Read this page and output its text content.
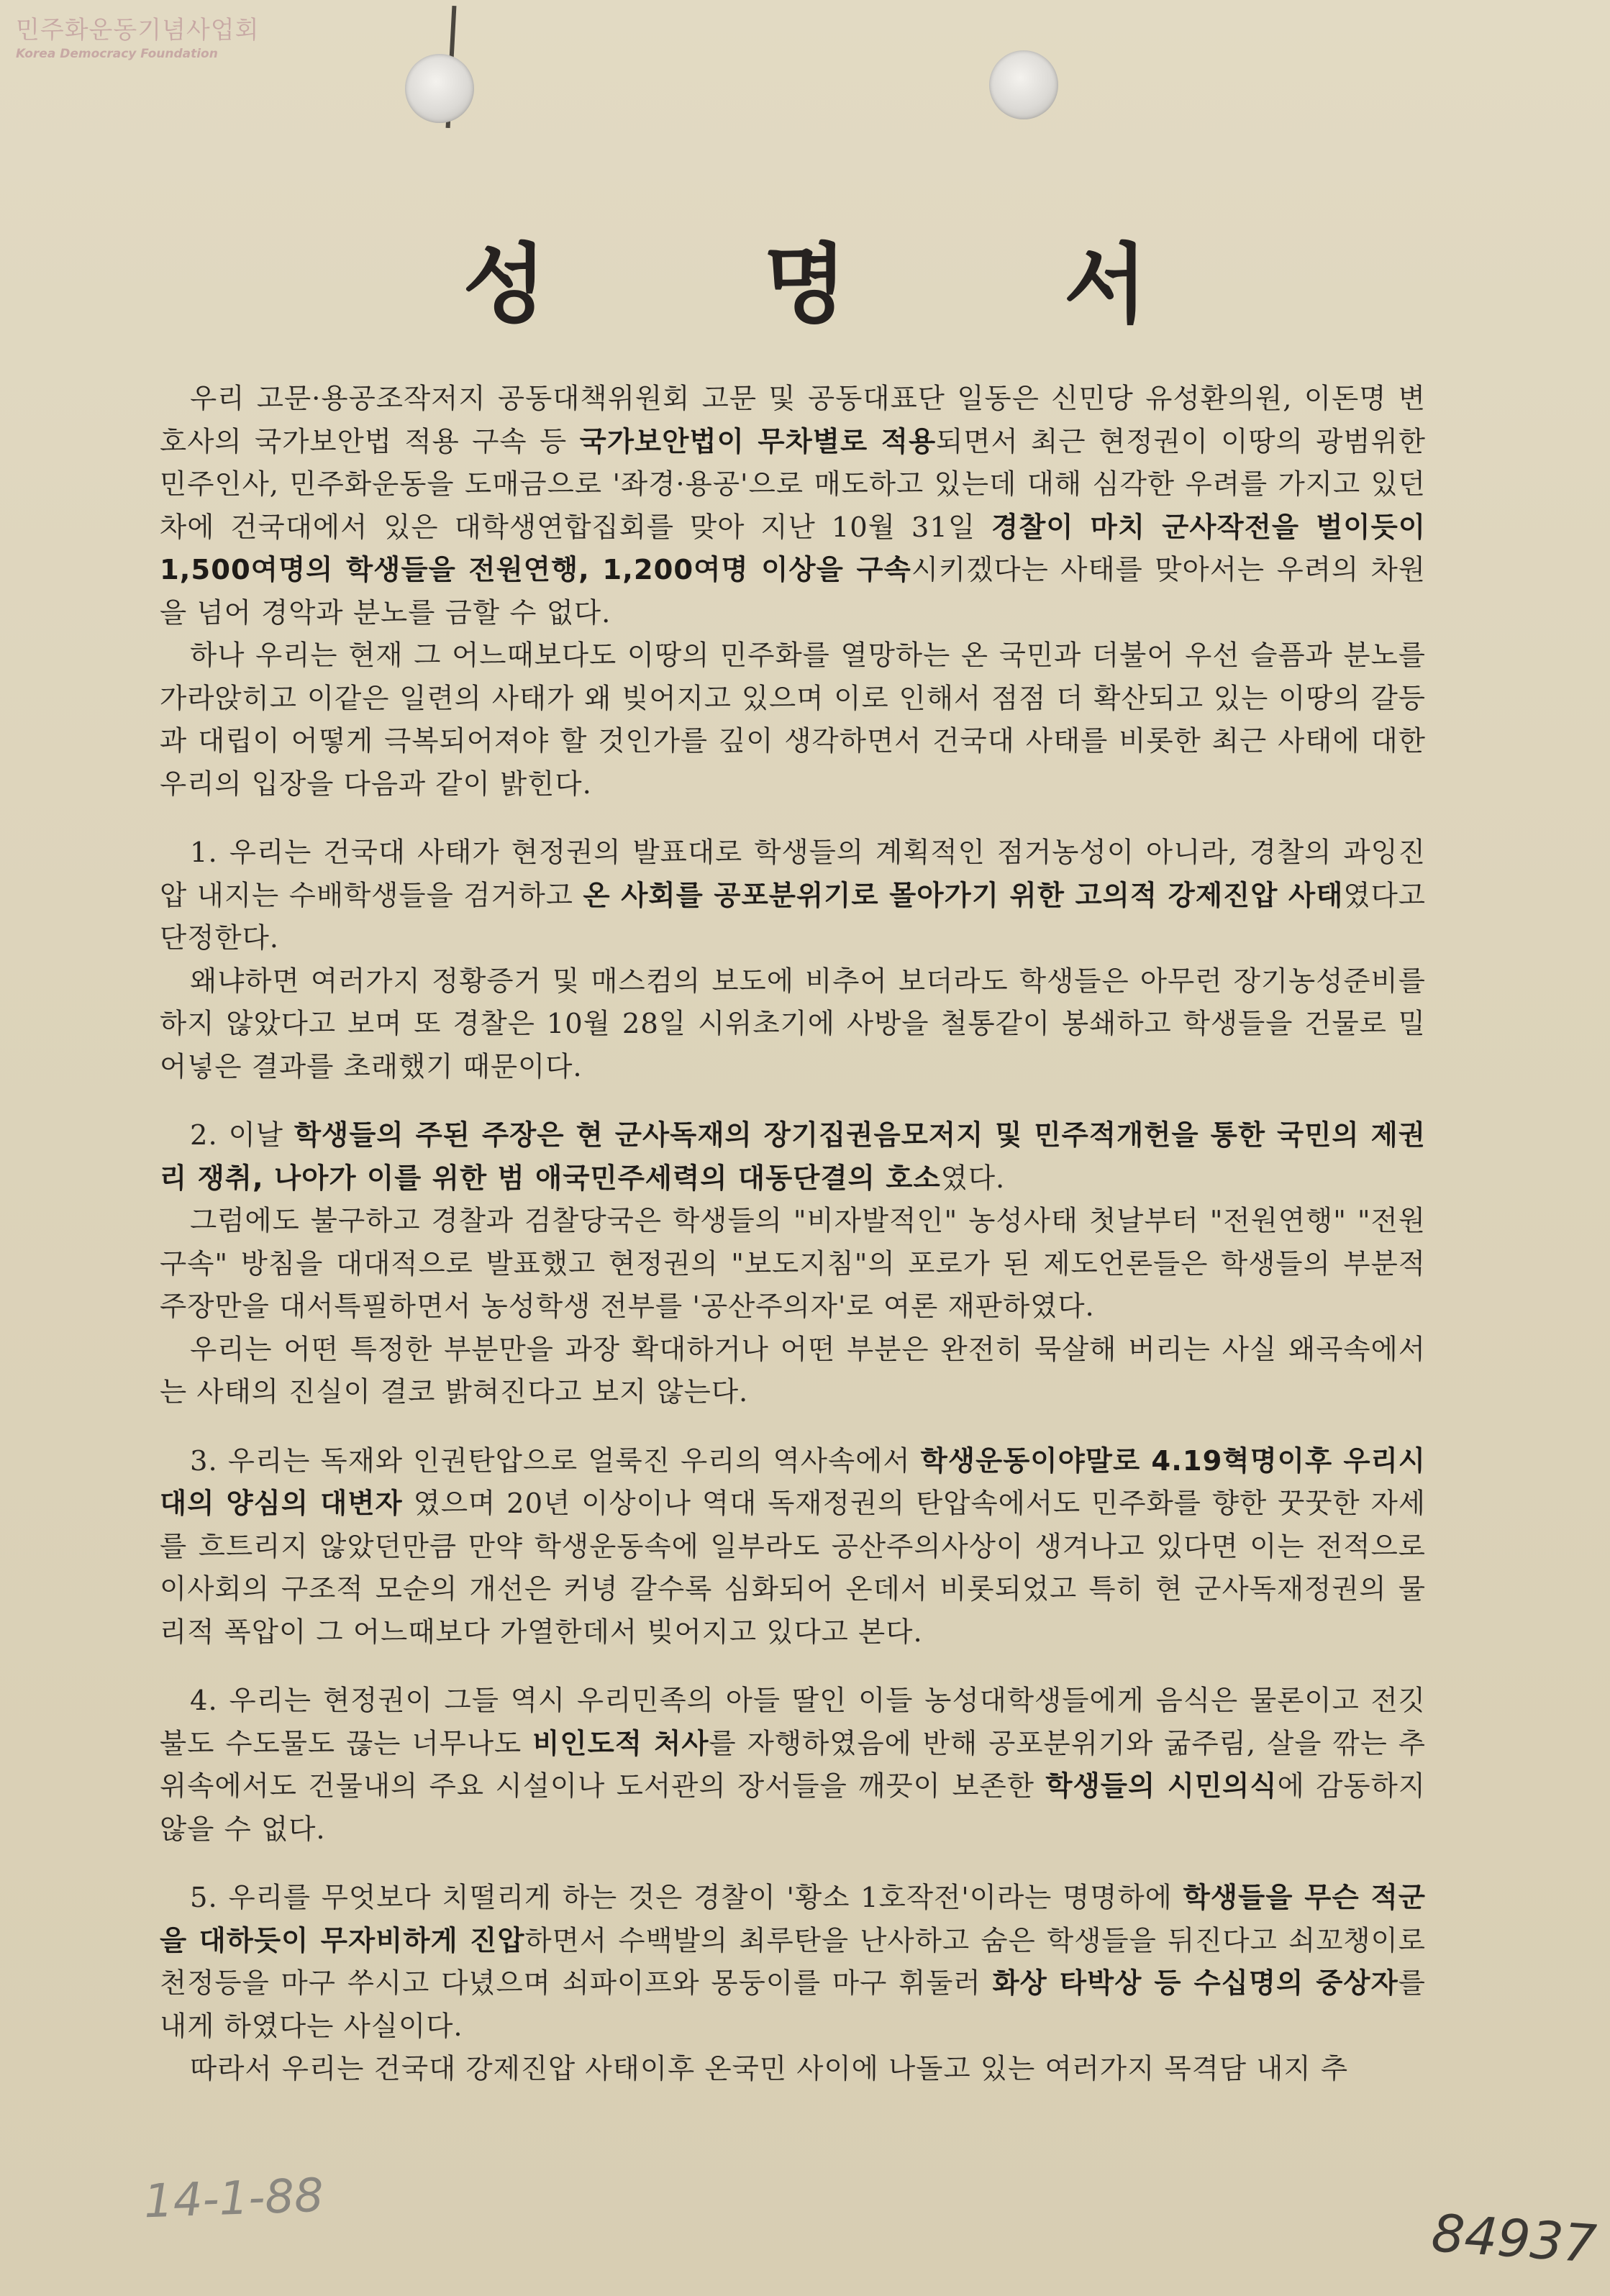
민주화운동기념사업회
Korea Democracy Foundation
성 명 서
우리 고문·용공조작저지 공동대책위원회 고문 및 공동대표단 일동은 신민당 유성환의원, 이돈명 변호사의 국가보안법 적용 구속 등 국가보안법이 무차별로 적용되면서 최근 현정권이 이땅의 광범위한 민주인사, 민주화운동을 도매금으로 '좌경·용공'으로 매도하고 있는데 대해 심각한 우려를 가지고 있던차에 건국대에서 있은 대학생연합집회를 맞아 지난 10월 31일 경찰이 마치 군사작전을 벌이듯이 1,500여명의 학생들을 전원연행, 1,200여명 이상을 구속시키겠다는 사태를 맞아서는 우려의 차원을 넘어 경악과 분노를 금할 수 없다.
하나 우리는 현재 그 어느때보다도 이땅의 민주화를 열망하는 온 국민과 더불어 우선 슬픔과 분노를 가라앉히고 이같은 일련의 사태가 왜 빚어지고 있으며 이로 인해서 점점 더 확산되고 있는 이땅의 갈등과 대립이 어떻게 극복되어져야 할 것인가를 깊이 생각하면서 건국대 사태를 비롯한 최근 사태에 대한 우리의 입장을 다음과 같이 밝힌다.
1. 우리는 건국대 사태가 현정권의 발표대로 학생들의 계획적인 점거농성이 아니라, 경찰의 과잉진압 내지는 수배학생들을 검거하고 온 사회를 공포분위기로 몰아가기 위한 고의적 강제진압 사태였다고 단정한다.
왜냐하면 여러가지 정황증거 및 매스컴의 보도에 비추어 보더라도 학생들은 아무런 장기농성준비를 하지 않았다고 보며 또 경찰은 10월 28일 시위초기에 사방을 철통같이 봉쇄하고 학생들을 건물로 밀어넣은 결과를 초래했기 때문이다.
2. 이날 학생들의 주된 주장은 현 군사독재의 장기집권음모저지 및 민주적개헌을 통한 국민의 제권리 쟁취, 나아가 이를 위한 범 애국민주세력의 대동단결의 호소였다.
그럼에도 불구하고 경찰과 검찰당국은 학생들의 "비자발적인" 농성사태 첫날부터 "전원연행" "전원구속" 방침을 대대적으로 발표했고 현정권의 "보도지침"의 포로가 된 제도언론들은 학생들의 부분적 주장만을 대서특필하면서 농성학생 전부를 '공산주의자'로 여론 재판하였다.
우리는 어떤 특정한 부분만을 과장 확대하거나 어떤 부분은 완전히 묵살해 버리는 사실 왜곡속에서는 사태의 진실이 결코 밝혀진다고 보지 않는다.
3. 우리는 독재와 인권탄압으로 얼룩진 우리의 역사속에서 학생운동이야말로 4.19혁명이후 우리시대의 양심의 대변자 였으며 20년 이상이나 역대 독재정권의 탄압속에서도 민주화를 향한 꿋꿋한 자세를 흐트리지 않았던만큼 만약 학생운동속에 일부라도 공산주의사상이 생겨나고 있다면 이는 전적으로 이사회의 구조적 모순의 개선은 커녕 갈수록 심화되어 온데서 비롯되었고 특히 현 군사독재정권의 물리적 폭압이 그 어느때보다 가열한데서 빚어지고 있다고 본다.
4. 우리는 현정권이 그들 역시 우리민족의 아들 딸인 이들 농성대학생들에게 음식은 물론이고 전깃불도 수도물도 끊는 너무나도 비인도적 처사를 자행하였음에 반해 공포분위기와 굶주림, 살을 깎는 추위속에서도 건물내의 주요 시설이나 도서관의 장서들을 깨끗이 보존한 학생들의 시민의식에 감동하지 않을 수 없다.
5. 우리를 무엇보다 치떨리게 하는 것은 경찰이 '황소 1호작전'이라는 명명하에 학생들을 무슨 적군을 대하듯이 무자비하게 진압하면서 수백발의 최루탄을 난사하고 숨은 학생들을 뒤진다고 쇠꼬챙이로 천정등을 마구 쑤시고 다녔으며 쇠파이프와 몽둥이를 마구 휘둘러 화상 타박상 등 수십명의 중상자를 내게 하였다는 사실이다.
따라서 우리는 건국대 강제진압 사태이후 온국민 사이에 나돌고 있는 여러가지 목격담 내지 추
14-1-88
84937
